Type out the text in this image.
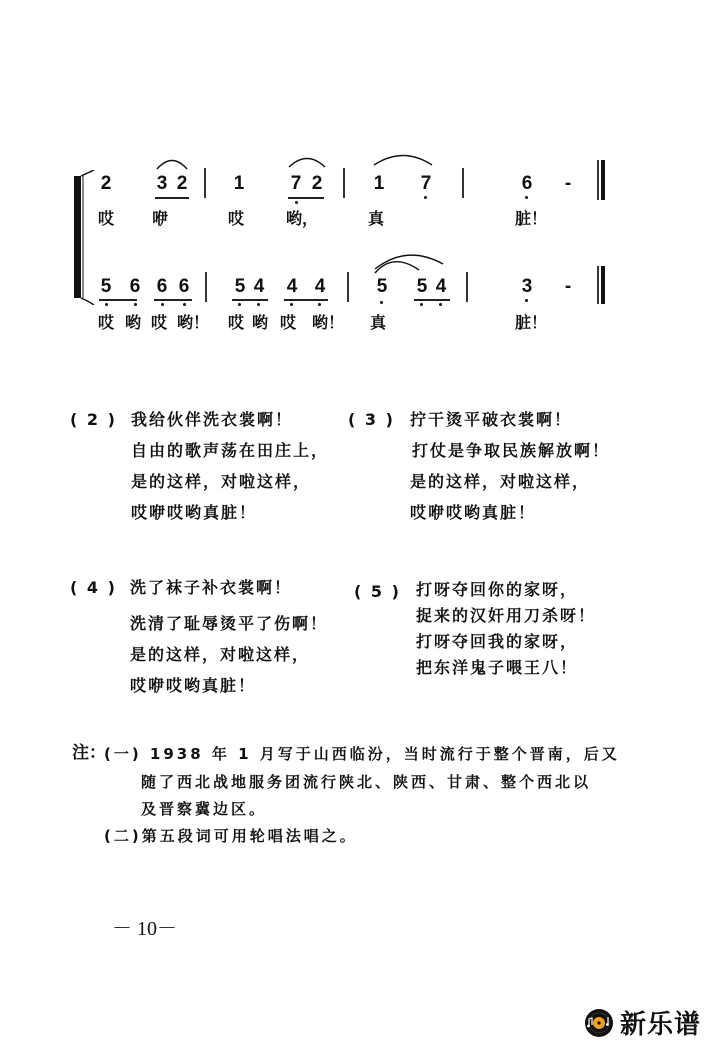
2 3 2 1 7 2	1 7	6 -
哎 咿	哎	哟，	真	脏！
5 6 6 6 5 4 4 4	5 5 4	3 -
哎 哟 哎 哟！ 哎 哟 哎 哟！ 真	脏！
( 2 ) 我给伙伴洗衣裳啊！
自由的歌声荡在田庄上，
是的这样，对啦这样，
哎咿哎哟真脏！
( 3 ) 拧干烫平破衣裳啊！
打仗是争取民族解放啊！
是的这样，对啦这样，
哎咿哎哟真脏！
( 4 ) 洗了袜子补衣裳啊！
洗清了耻辱烫平了伤啊！
是的这样，对啦这样，
哎咿哎哟真脏！
( 5 ) 打呀夺回你的家呀，
捉来的汉奸用刀杀呀！
打呀夺回我的家呀，
把东洋鬼子喂王八！
注：
(一) 1938 年 1 月写于山西临汾，当时流行于整个晋南，后又
随了西北战地服务团流行陕北、陕西、甘肃、整个西北以
及晋察冀边区。
(二)第五段词可用轮唱法唱之。
－ 10－
新乐谱
